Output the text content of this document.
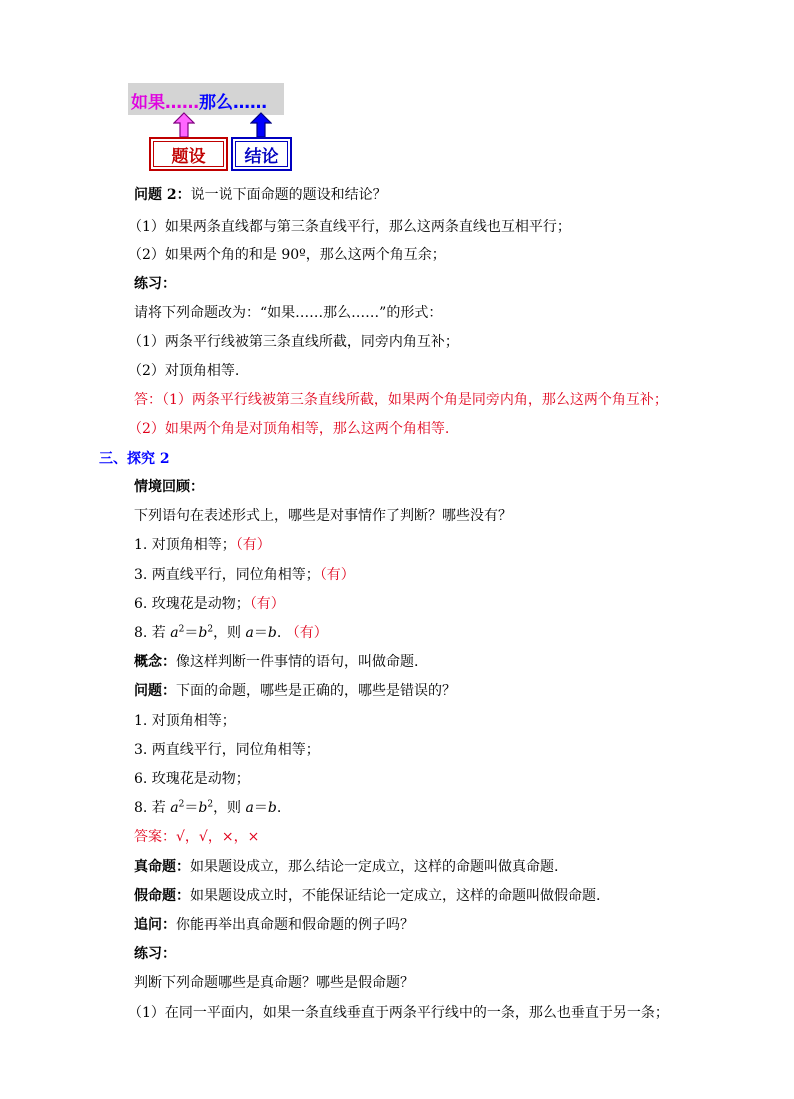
如果……那么……
题设	结论
问题 2：说一说下面命题的题设和结论？
（1）如果两条直线都与第三条直线平行，那么这两条直线也互相平行；
（2）如果两个角的和是 90º，那么这两个角互余；
练习：
请将下列命题改为：“如果……那么……”的形式：
（1）两条平行线被第三条直线所截，同旁内角互补；
（2）对顶角相等.
答：（1）两条平行线被第三条直线所截，如果两个角是同旁内角，那么这两个角互补；
（2）如果两个角是对顶角相等，那么这两个角相等.
三、探究 2
情境回顾：
下列语句在表述形式上，哪些是对事情作了判断？哪些没有？
1. 对顶角相等；（有）
3. 两直线平行，同位角相等；（有）
6. 玫瑰花是动物；（有）
8. 若 $a^2=b^2$，则 a＝b. （有）
概念：像这样判断一件事情的语句，叫做命题.
问题：下面的命题，哪些是正确的，哪些是错误的？
1. 对顶角相等；
3. 两直线平行，同位角相等；
6. 玫瑰花是动物；
8. 若 $a^2=b^2$，则 a＝b.
答案：√，√，×，×
真命题：如果题设成立，那么结论一定成立，这样的命题叫做真命题.
假命题：如果题设成立时，不能保证结论一定成立，这样的命题叫做假命题.
追问：你能再举出真命题和假命题的例子吗？
练习：
判断下列命题哪些是真命题？哪些是假命题？
（1）在同一平面内，如果一条直线垂直于两条平行线中的一条，那么也垂直于另一条；
